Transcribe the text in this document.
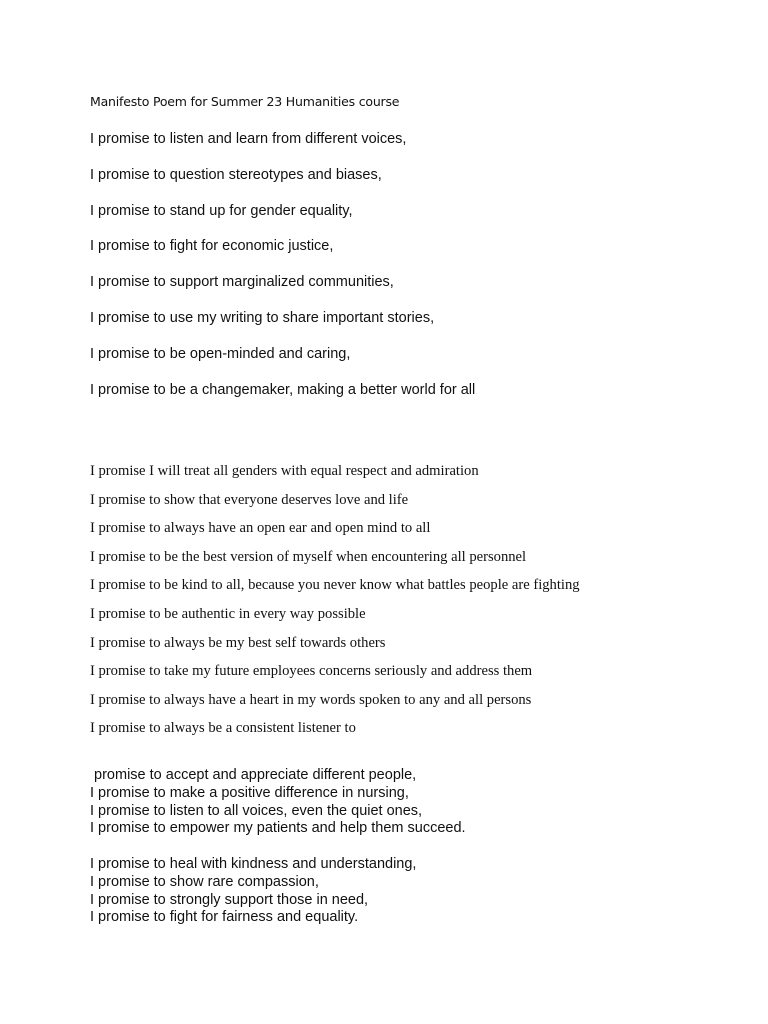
Manifesto Poem for Summer 23 Humanities course
I promise to listen and learn from different voices,
I promise to question stereotypes and biases,
I promise to stand up for gender equality,
I promise to fight for economic justice,
I promise to support marginalized communities,
I promise to use my writing to share important stories,
I promise to be open-minded and caring,
I promise to be a changemaker, making a better world for all
I promise I will treat all genders with equal respect and admiration
I promise to show that everyone deserves love and life
I promise to always have an open ear and open mind to all
I promise to be the best version of myself when encountering all personnel
I promise to be kind to all, because you never know what battles people are fighting
I promise to be authentic in every way possible
I promise to always be my best self towards others
I promise to take my future employees concerns seriously and address them
I promise to always have a heart in my words spoken to any and all persons
I promise to always be a consistent listener to
promise to accept and appreciate different people,
I promise to make a positive difference in nursing,
I promise to listen to all voices, even the quiet ones,
I promise to empower my patients and help them succeed.
I promise to heal with kindness and understanding,
I promise to show rare compassion,
I promise to strongly support those in need,
I promise to fight for fairness and equality.
